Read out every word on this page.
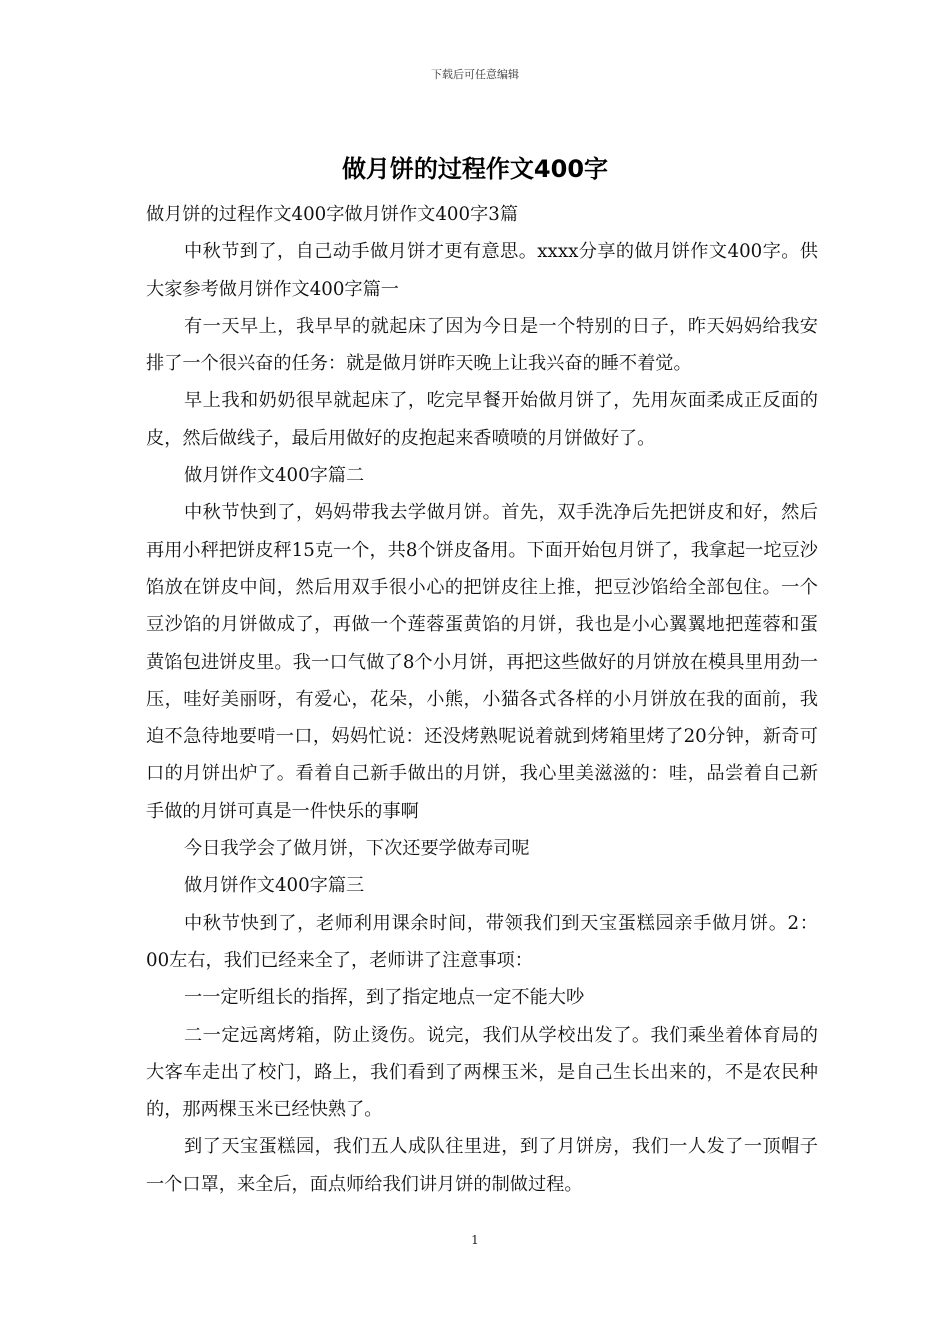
下载后可任意编辑
做月饼的过程作文400字

做月饼的过程作文400字做月饼作文400字3篇

中秋节到了，自己动手做月饼才更有意思。xxxx分享的做月饼作文400字。供大家参考做月饼作文400字篇一

有一天早上，我早早的就起床了因为今日是一个特别的日子，昨天妈妈给我安排了一个很兴奋的任务：就是做月饼昨天晚上让我兴奋的睡不着觉。

早上我和奶奶很早就起床了，吃完早餐开始做月饼了，先用灰面柔成正反面的皮，然后做线子，最后用做好的皮抱起来香喷喷的月饼做好了。

做月饼作文400字篇二

中秋节快到了，妈妈带我去学做月饼。首先，双手洗净后先把饼皮和好，然后再用小秤把饼皮秤15克一个，共8个饼皮备用。下面开始包月饼了，我拿起一坨豆沙馅放在饼皮中间，然后用双手很小心的把饼皮往上推，把豆沙馅给全部包住。一个豆沙馅的月饼做成了，再做一个莲蓉蛋黄馅的月饼，我也是小心翼翼地把莲蓉和蛋黄馅包进饼皮里。我一口气做了8个小月饼，再把这些做好的月饼放在模具里用劲一压，哇好美丽呀，有爱心，花朵，小熊，小猫各式各样的小月饼放在我的面前，我迫不急待地要啃一口，妈妈忙说：还没烤熟呢说着就到烤箱里烤了20分钟，新奇可口的月饼出炉了。看着自己新手做出的月饼，我心里美滋滋的：哇，品尝着自己新手做的月饼可真是一件快乐的事啊

今日我学会了做月饼，下次还要学做寿司呢

做月饼作文400字篇三

中秋节快到了，老师利用课余时间，带领我们到天宝蛋糕园亲手做月饼。2：00左右，我们已经来全了，老师讲了注意事项：

一一定听组长的指挥，到了指定地点一定不能大吵

二一定远离烤箱，防止烫伤。说完，我们从学校出发了。我们乘坐着体育局的大客车走出了校门，路上，我们看到了两棵玉米，是自己生长出来的，不是农民种的，那两棵玉米已经快熟了。

到了天宝蛋糕园，我们五人成队往里进，到了月饼房，我们一人发了一顶帽子一个口罩，来全后，面点师给我们讲月饼的制做过程。

1
